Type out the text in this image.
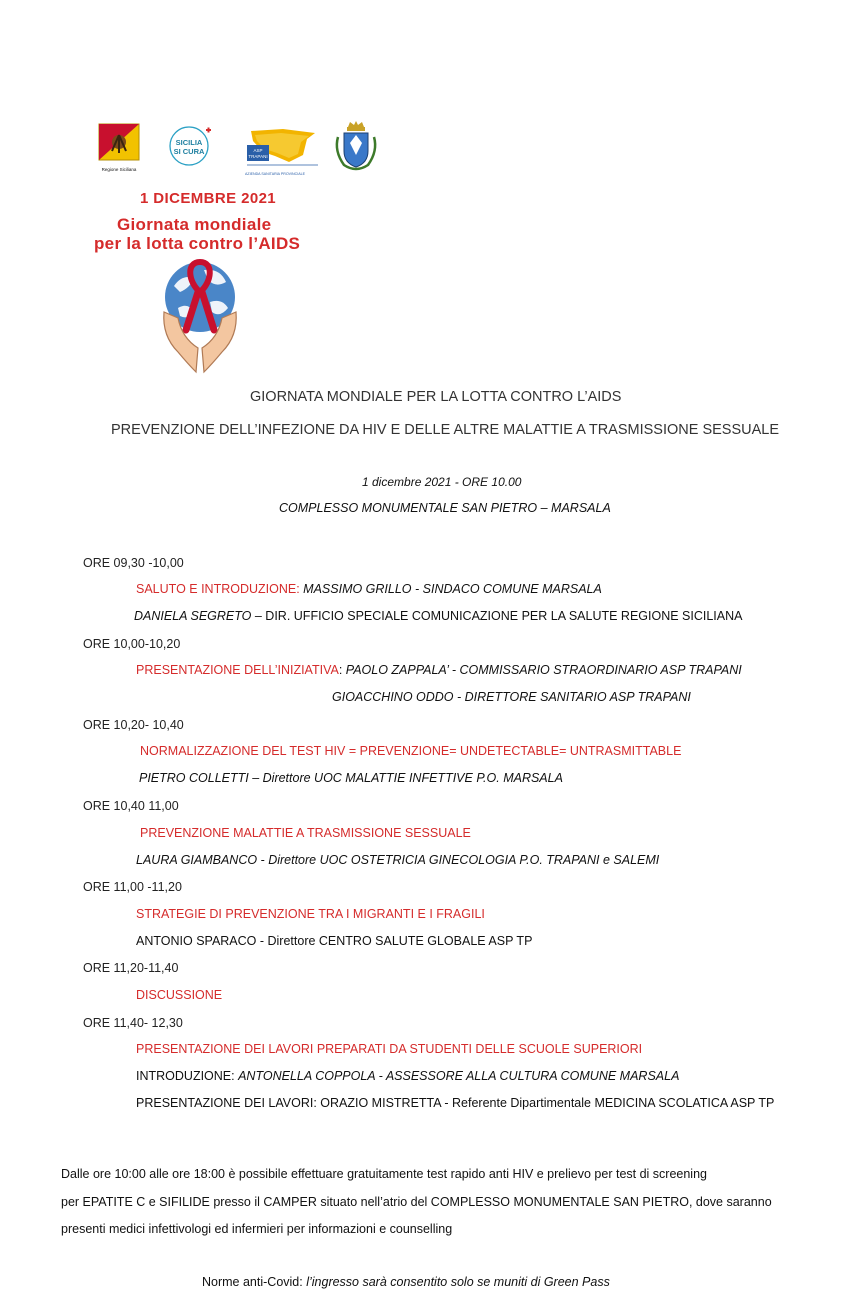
Regione Siciliana
SICILIA
SI CURA	ASP
TRAPANI
AZIENDA SANITARIA PROVINCIALE
1 DICEMBRE 2021
Giornata mondiale
per la lotta contro l’AIDS
GIORNATA MONDIALE PER LA LOTTA CONTRO L’AIDS
PREVENZIONE DELL’INFEZIONE DA HIV E DELLE ALTRE MALATTIE A TRASMISSIONE SESSUALE
1 dicembre 2021 - ORE 10.00
COMPLESSO MONUMENTALE SAN PIETRO – MARSALA
ORE 09,30 -10,00
SALUTO E INTRODUZIONE: MASSIMO GRILLO - SINDACO COMUNE MARSALA
DANIELA SEGRETO – DIR. UFFICIO SPECIALE COMUNICAZIONE PER LA SALUTE REGIONE SICILIANA
ORE 10,00-10,20
PRESENTAZIONE DELL’INIZIATIVA: PAOLO ZAPPALA’ - COMMISSARIO STRAORDINARIO ASP TRAPANI
GIOACCHINO ODDO - DIRETTORE SANITARIO ASP TRAPANI
ORE 10,20- 10,40
NORMALIZZAZIONE DEL TEST HIV = PREVENZIONE= UNDETECTABLE= UNTRASMITTABLE
PIETRO COLLETTI – Direttore UOC MALATTIE INFETTIVE P.O. MARSALA
ORE 10,40 11,00
PREVENZIONE MALATTIE A TRASMISSIONE SESSUALE
LAURA GIAMBANCO - Direttore UOC OSTETRICIA GINECOLOGIA P.O. TRAPANI e SALEMI
ORE 11,00 -11,20
STRATEGIE DI PREVENZIONE TRA I MIGRANTI E I FRAGILI
ANTONIO SPARACO - Direttore CENTRO SALUTE GLOBALE ASP TP
ORE 11,20-11,40
DISCUSSIONE
ORE 11,40- 12,30
PRESENTAZIONE DEI LAVORI PREPARATI DA STUDENTI DELLE SCUOLE SUPERIORI
INTRODUZIONE: ANTONELLA COPPOLA - ASSESSORE ALLA CULTURA COMUNE MARSALA
PRESENTAZIONE DEI LAVORI: ORAZIO MISTRETTA - Referente Dipartimentale MEDICINA SCOLATICA ASP TP
Dalle ore 10:00 alle ore 18:00 è possibile effettuare gratuitamente test rapido anti HIV e prelievo per test di screening
per EPATITE C e SIFILIDE presso il CAMPER situato nell’atrio del COMPLESSO MONUMENTALE SAN PIETRO, dove saranno
presenti medici infettivologi ed infermieri per informazioni e counselling
Norme anti-Covid: l’ingresso sarà consentito solo se muniti di Green Pass
